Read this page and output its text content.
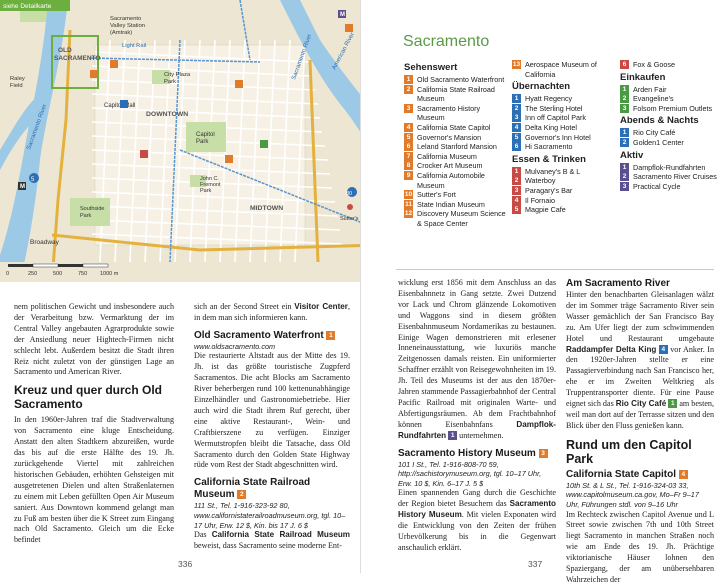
siehe Detailkarte
OLD
SACRAMENTO
Sacramento
Valley Station
(Amtrak)
Light Rail
City Plaza
Park
DOWNTOWN
Capitol Mall
Capitol
Park
John C.
Fremont
Park
Southside
Park
MIDTOWN
Broadway
Raley
Field
Sacramento River
Sacramento River	American River
Sutter's Fort
M
M
5
80
0	250	500	750 1000 m

nem politischen Gewicht und insbesondere auch der Verarbeitung bzw. Vermarktung der im Central Valley angebauten Agrarprodukte sowie der Ansiedlung neuer Hightech-Firmen nicht schlecht lebt. Außerdem besitzt die Stadt ihren Reiz nicht zuletzt von der günstigen Lage an Sacramento und American River.

Kreuz und quer durch Old Sacramento

In den 1960er-Jahren traf die Stadtverwaltung von Sacramento eine kluge Entscheidung. Anstatt den alten Stadtkern abzureißen, wurde das bis auf die erste Hälfte des 19. Jh. zurückgehende Viertel mit zahlreichen historischen Gebäuden, erhöhten Gehsteigen mit ausgetretenen Dielen und alten Straßenlaternen zu einem mit Leben gefüllten Open Air Museum saniert. Aus Downtown kommend gelangt man zu Fuß am besten über die K Street zum Eingang nach Old Sacramento. Gleich um die Ecke befindet

sich an der Second Street ein Visitor Center, in dem man sich informieren kann.

Old Sacramento Waterfront 1
www.oldsacramento.com

Die restaurierte Altstadt aus der Mitte des 19. Jh. ist das größte touristische Zugpferd Sacramentos. Die acht Blocks am Sacramento River beherbergen rund 100 kettenunabhängige Einzelhändler und Gastronomiebetriebe. Hier auch wird die Stadt ihrem Ruf gerecht, über eine aktive Restaurant-, Wein- und Craftbierszene zu verfügen. Einziger Wermutstropfen bleibt die Tatsache, dass Old Sacramento durch den Golden State Highway rüde vom Rest der Stadt abgeschnitten wird.

California State Railroad Museum 2
111 St., Tel. 1-916-323-92 80, www.californistaterailroadmuseum.org, tgl. 10–17 Uhr, Erw. 12 $, Kin. bis 17 J. 6 $

Das California State Railroad Museum beweist, dass Sacramento seine moderne Ent-

336
Sacramento
Sehenswert
1 Old Sacramento Waterfront
2 California State Railroad Museum
3 Sacramento History Museum
4 California State Capitol
5 Governor's Mansion
6 Leland Stanford Mansion
7 California Museum
8 Crocker Art Museum
9 California Automobile Museum
10 Sutter's Fort
11 State Indian Museum
12 Discovery Museum Science & Space Center
13 Aerospace Museum of California
Übernachten
1 Hyatt Regency
2 The Sterling Hotel
3 Inn off Capitol Park
4 Delta King Hotel
5 Governor's Inn Hotel
6 Hi Sacramento
Essen & Trinken
1 Mulvaney's B & L
2 Waterboy
3 Paragary's Bar
4 Il Fornaio
5 Magpie Cafe
6 Fox & Goose
Einkaufen
1 Arden Fair
2 Evangeline's
3 Folsom Premium Outlets
Abends & Nachts
1 Rio City Café
2 Golden1 Center
Aktiv
1 Dampflok-Rundfahrten
2 Sacramento River Cruises
3 Practical Cycle

wicklung erst 1856 mit dem Anschluss an das Eisenbahnnetz in Gang setzte. Zwei Dutzend vor Lack und Chrom glänzende Lokomotiven und Waggons sind in diesem größten Eisenbahnmuseum Nordamerikas zu bestaunen. Einige Wagen demonstrieren mit erlesener Inneneinausstattung, wie luxuriös manche Zeitgenossen damals reisten. Ein uniformierter Schaffner erzählt von Reisegewohnheiten im 19. Jh. Teil des Museums ist der aus den 1870er-Jahren stammende Passagierbahnhof der Central Pacific Railroad mit originalen Warte- und Abfertigungsräumen. Ab dem Frachtbahnhof können Eisenbahnfans Dampflok-Rundfahrten 1 unternehmen.

Sacramento History Museum 3
101 I St., Tel. 1-916-808-70 59, http://sachistorymuseum.org, tgl. 10–17 Uhr, Erw. 10 $, Kin. 6–17 J. 5 $

Einen spannenden Gang durch die Geschichte der Region bietet Besuchern das Sacramento History Museum. Mit vielen Exponaten wird die Entwicklung von den Zeiten der frühen Urbevölkerung bis in die Gegenwart anschaulich erklärt.

Am Sacramento River

Hinter den benachbarten Gleisanlagen wälzt der im Sommer träge Sacramento River sein Wasser gemächlich der San Francisco Bay zu. Am Ufer liegt der zum schwimmenden Hotel und Restaurant umgebaute Raddampfer Delta King 4 vor Anker. In den 1920er-Jahren stellte er eine Passagierverbindung nach San Francisco her, ehe er im Zweiten Weltkrieg als Truppentransporter diente. Für eine Pause eignet sich das Rio City Café 1 am besten, weil man dort auf der Terrasse sitzen und den Blick über den Fluss genießen kann.

Rund um den Capitol Park
California State Capitol 4
10th St. & L St., Tel. 1-916-324-03 33, www.capitolmuseum.ca.gov, Mo–Fr 9–17 Uhr, Führungen stdl. von 9–16 Uhr

Im Rechteck zwischen Capitol Avenue und L Street sowie zwischen 7th und 10th Street liegt Sacramento in manchen Straßen noch wie am Ende des 19. Jh. Prächtige viktorianische Häuser lohnen den Spaziergang, der am unübersehbaren Wahrzeichen der

337
